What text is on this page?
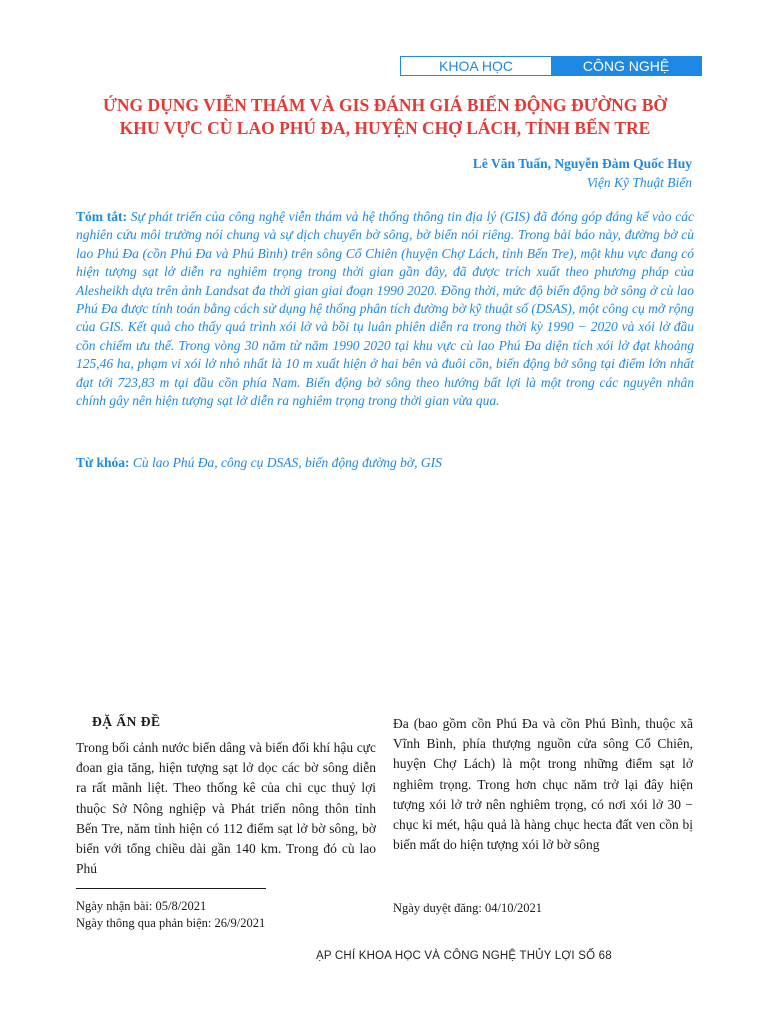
KHOA HỌC	CÔNG NGHỆ
ỨNG DỤNG VIỄN THÁM VÀ GIS ĐÁNH GIÁ BIẾN ĐỘNG ĐƯỜNG BỜ
KHU VỰC CÙ LAO PHÚ ĐA, HUYỆN CHỢ LÁCH, TỈNH BẾN TRE
Lê Văn Tuấn, Nguyễn Đàm Quốc Huy
Viện Kỹ Thuật Biển

Tóm tắt: Sự phát triển của công nghệ viễn thám và hệ thống thông tin địa lý (GIS) đã đóng góp đáng kể vào các nghiên cứu môi trường nói chung và sự dịch chuyển bờ sông, bờ biển nói riêng. Trong bài báo này, đường bờ cù lao Phú Đa (cồn Phú Đa và Phú Bình) trên sông Cổ Chiên (huyện Chợ Lách, tỉnh Bến Tre), một khu vực đang có hiện tượng sạt lở diễn ra nghiêm trọng trong thời gian gần đây, đã được trích xuất theo phương pháp của Alesheikh dựa trên ảnh Landsat đa thời gian giai đoạn 1990 2020. Đồng thời, mức độ biến động bờ sông ở cù lao Phú Đa được tính toán bằng cách sử dụng hệ thống phân tích đường bờ kỹ thuật số (DSAS), một công cụ mở rộng của GIS. Kết quả cho thấy quá trình xói lở và bồi tụ luân phiên diễn ra trong thời kỳ 1990 − 2020 và xói lở đầu cồn chiếm ưu thế. Trong vòng 30 năm từ năm 1990 2020 tại khu vực cù lao Phú Đa diện tích xói lở đạt khoảng 125,46 ha, phạm vi xói lở nhỏ nhất là 10 m xuất hiện ở hai bên và đuôi cồn, biến động bờ sông tại điểm lớn nhất đạt tới 723,83 m tại đầu cồn phía Nam. Biến động bờ sông theo hướng bất lợi là một trong các nguyên nhân chính gây nên hiện tượng sạt lở diễn ra nghiêm trọng trong thời gian vừa qua.

Từ khóa: Cù lao Phú Đa, công cụ DSAS, biến động đường bờ, GIS

ĐẶ ẤN ĐỀ

Trong bối cảnh nước biển dâng và biến đổi khí hậu cực đoan gia tăng, hiện tượng sạt lở dọc các bờ sông diễn ra rất mãnh liệt. Theo thống kê của chi cục thuỷ lợi thuộc Sở Nông nghiệp và Phát triển nông thôn tỉnh Bến Tre, năm tỉnh hiện có 112 điểm sạt lở bờ sông, bờ biển với tổng chiều dài gần 140 km. Trong đó cù lao Phú

Đa (bao gồm cồn Phú Đa và cồn Phú Bình, thuộc xã Vĩnh Bình, phía thượng nguồn cửa sông Cổ Chiên, huyện Chợ Lách) là một trong những điểm sạt lở nghiêm trọng. Trong hơn chục năm trở lại đây hiện tượng xói lở trở nên nghiêm trọng, có nơi xói lở 30 − chục ki mét, hậu quả là hàng chục hecta đất ven cồn bị biến mất do hiện tượng xói lở bờ sông

Ngày nhận bài: 05/8/2021
Ngày thông qua phản biện: 26/9/2021
Ngày duyệt đăng: 04/10/2021
ẠP CHÍ KHOA HỌC VÀ CÔNG NGHỆ THỦY LỢI SỐ 68
